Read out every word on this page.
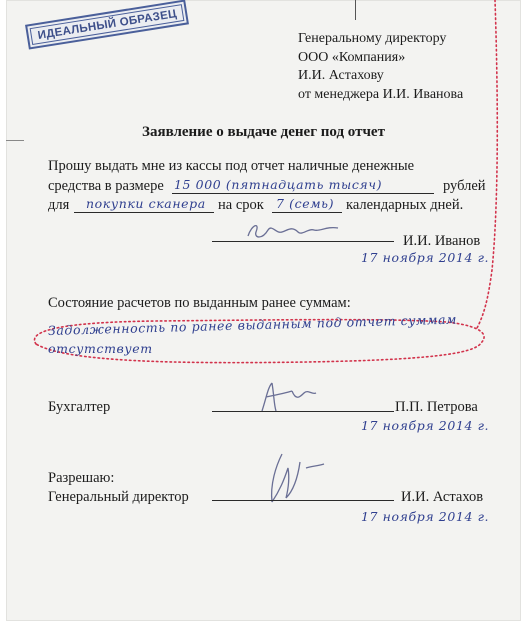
ИДЕАЛЬНЫЙ ОБРАЗЕЦ	Генеральному директору
ООО «Компания»
И.И. Астахову
от менеджера И.И. Иванова
Заявление о выдаче денег под отчет
Прошу выдать мне из кассы под отчет наличные денежные
средства в размере 15 000 (пятнадцать тысяч)	рублей
для покупки сканера на срок 7 (семь) календарных дней.
И.И. Иванов
17 ноября 2014 г.
Состояние расчетов по выданным ранее суммам:
Задолженность по ранее выданным под отчет суммам
отсутствует
Бухгалтер	П.П. Петрова
17 ноября 2014 г.
Разрешаю:
Генеральный директор	И.И. Астахов
17 ноября 2014 г.
